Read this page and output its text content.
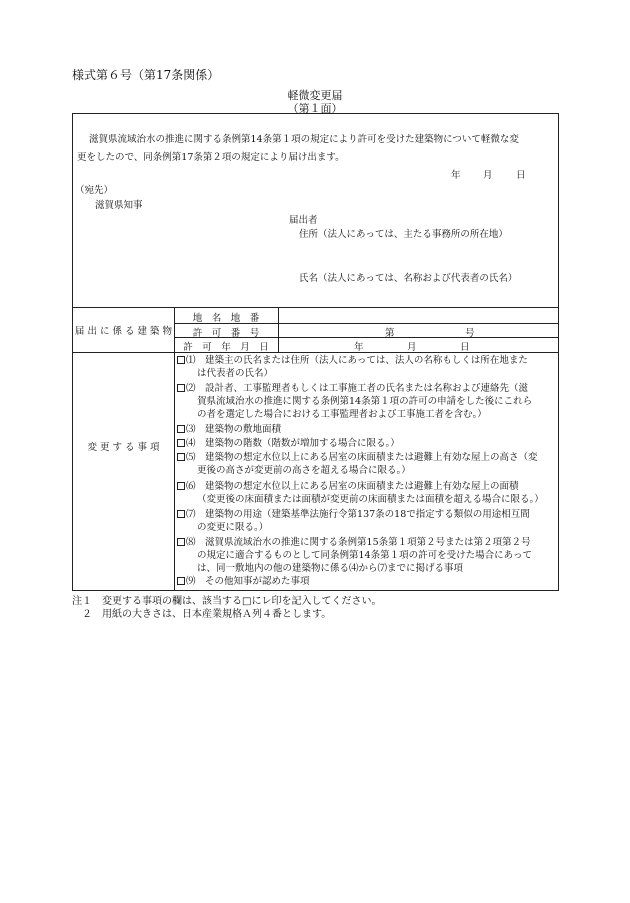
様式第６号（第17条関係）
軽微変更届
（第１面）
滋賀県流域治水の推進に関する条例第14条第１項の規定により許可を受けた建築物について軽微な変
更をしたので、同条例第17条第２項の規定により届け出ます。
年 月 日
（宛先）
滋賀県知事
届出者
住所（法人にあっては、主たる事務所の所在地）
氏名（法人にあっては、名称および代表者の氏名）
届 出 に 係 る 建 築 物
地　名　地　番
許　可　番　号	第	号
許　可　年　月　日	年	月	日
変 更 す る 事 項
⑴　 建築主の氏名または住所（法人にあっては、法人の名称もしくは所在地また
は代表者の氏名）
⑵　 設計者、工事監理者もしくは工事施工者の氏名または名称および連絡先（滋
賀県流域治水の推進に関する条例第14条第１項の許可の申請をした後にこれら
の者を選定した場合における工事監理者および工事施工者を含む。）
⑶　 建築物の敷地面積
⑷　 建築物の階数（階数が増加する場合に限る。）
⑸　 建築物の想定水位以上にある居室の床面積または避難上有効な屋上の高さ（変
更後の高さが変更前の高さを超える場合に限る。）
⑹　 建築物の想定水位以上にある居室の床面積または避難上有効な屋上の面積
（変更後の床面積または面積が変更前の床面積または面積を超える場合に限る。）
⑺　 建築物の用途（建築基準法施行令第137条の18で指定する類似の用途相互間
の変更に限る。）
⑻　 滋賀県流域治水の推進に関する条例第15条第１項第２号または第２項第２号
の規定に適合するものとして同条例第14条第１項の許可を受けた場合にあって
は、同一敷地内の他の建築物に係る⑷から⑺までに掲げる事項
⑼　 その他知事が認めた事項
注１　変更する事項の欄は、該当する□にレ印を記入してください。
　２　用紙の大きさは、日本産業規格Ａ列４番とします。
